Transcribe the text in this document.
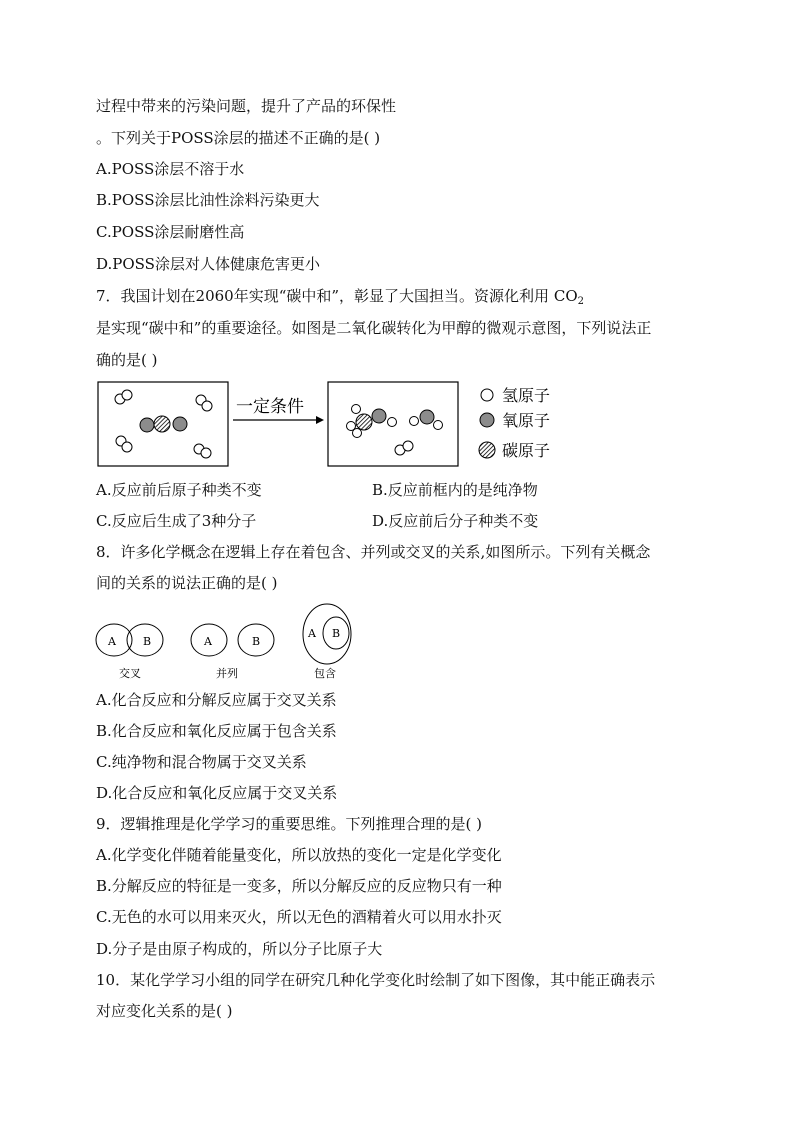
过程中带来的污染问题，提升了产品的环保性
。下列关于POSS涂层的描述不正确的是( )
A.POSS涂层不溶于水
B.POSS涂层比油性涂料污染更大
C.POSS涂层耐磨性高
D.POSS涂层对人体健康危害更小
7．我国计划在2060年实现“碳中和”，彰显了大国担当。资源化利用 $CO_2$
是实现“碳中和”的重要途径。如图是二氧化碳转化为甲醇的微观示意图，下列说法正
确的是( )
一定条件
氢原子
氧原子
碳原子
A.反应前后原子种类不变	B.反应前框内的是纯净物
C.反应后生成了3种分子	D.反应前后分子种类不变
8．许多化学概念在逻辑上存在着包含、并列或交叉的关系,如图所示。下列有关概念
间的关系的说法正确的是( )
A B
交叉
A	B
并列
A B
包含
A.化合反应和分解反应属于交叉关系
B.化合反应和氧化反应属于包含关系
C.纯净物和混合物属于交叉关系
D.化合反应和氧化反应属于交叉关系
9．逻辑推理是化学学习的重要思维。下列推理合理的是( )
A.化学变化伴随着能量变化，所以放热的变化一定是化学变化
B.分解反应的特征是一变多，所以分解反应的反应物只有一种
C.无色的水可以用来灭火，所以无色的酒精着火可以用水扑灭
D.分子是由原子构成的，所以分子比原子大
10．某化学学习小组的同学在研究几种化学变化时绘制了如下图像，其中能正确表示
对应变化关系的是( )
